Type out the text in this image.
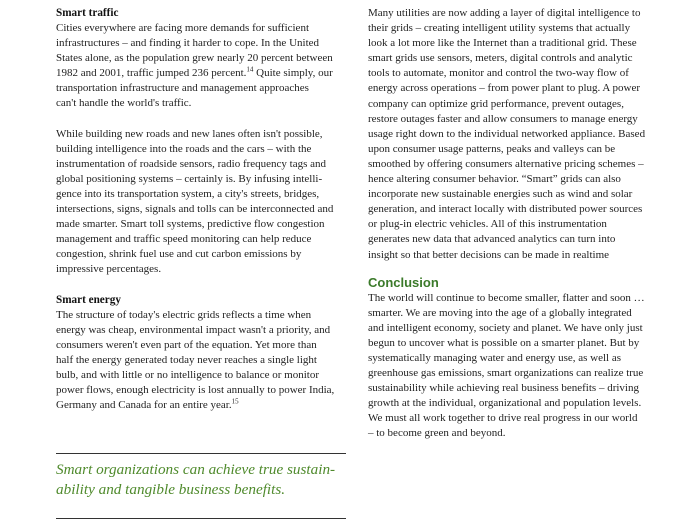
Smart traffic
Cities everywhere are facing more demands for sufficient
infrastructures – and finding it harder to cope. In the United
States alone, as the population grew nearly 20 percent between
1982 and 2001, traffic jumped 236 percent.$^{14}$ Quite simply, our
transportation infrastructure and management approaches
can't handle the world's traffic.
While building new roads and new lanes often isn't possible,
building intelligence into the roads and the cars – with the
instrumentation of roadside sensors, radio frequency tags and
global positioning systems – certainly is. By infusing intelli-
gence into its transportation system, a city's streets, bridges,
intersections, signs, signals and tolls can be interconnected and
made smarter. Smart toll systems, predictive flow congestion
management and traffic speed monitoring can help reduce
congestion, shrink fuel use and cut carbon emissions by
impressive percentages.
Smart energy
The structure of today's electric grids reflects a time when
energy was cheap, environmental impact wasn't a priority, and
consumers weren't even part of the equation. Yet more than
half the energy generated today never reaches a single light
bulb, and with little or no intelligence to balance or monitor
power flows, enough electricity is lost annually to power India,
Germany and Canada for an entire year.$^{15}$
Smart organizations can achieve true sustain-
ability and tangible business benefits.
Many utilities are now adding a layer of digital intelligence to
their grids – creating intelligent utility systems that actually
look a lot more like the Internet than a traditional grid. These
smart grids use sensors, meters, digital controls and analytic
tools to automate, monitor and control the two-way flow of
energy across operations – from power plant to plug. A power
company can optimize grid performance, prevent outages,
restore outages faster and allow consumers to manage energy
usage right down to the individual networked appliance. Based
upon consumer usage patterns, peaks and valleys can be
smoothed by offering consumers alternative pricing schemes –
hence altering consumer behavior. “Smart” grids can also
incorporate new sustainable energies such as wind and solar
generation, and interact locally with distributed power sources
or plug-in electric vehicles. All of this instrumentation
generates new data that advanced analytics can turn into
insight so that better decisions can be made in realtime
Conclusion
The world will continue to become smaller, flatter and soon …
smarter. We are moving into the age of a globally integrated
and intelligent economy, society and planet. We have only just
begun to uncover what is possible on a smarter planet. But by
systematically managing water and energy use, as well as
greenhouse gas emissions, smart organizations can realize true
sustainability while achieving real business benefits – driving
growth at the individual, organizational and population levels.
We must all work together to drive real progress in our world
– to become green and beyond.
